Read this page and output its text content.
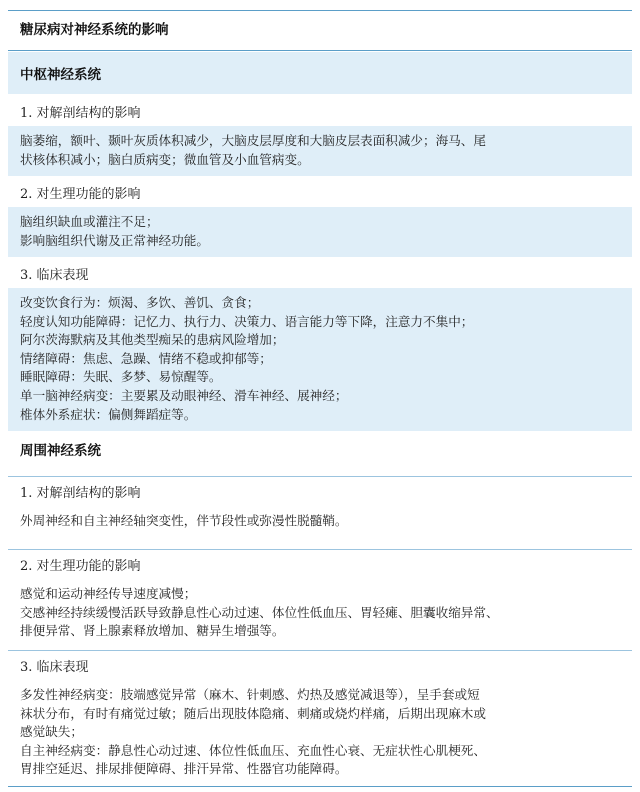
糖尿病对神经系统的影响
中枢神经系统
1. 对解剖结构的影响
脑萎缩，额叶、颞叶灰质体积减少，大脑皮层厚度和大脑皮层表面积减少；海马、尾
状核体积减小；脑白质病变；微血管及小血管病变。
2. 对生理功能的影响
脑组织缺血或灌注不足；
影响脑组织代谢及正常神经功能。
3. 临床表现
改变饮食行为：烦渴、多饮、善饥、贪食；
轻度认知功能障碍：记忆力、执行力、决策力、语言能力等下降，注意力不集中；
阿尔茨海默病及其他类型痴呆的患病风险增加；
情绪障碍：焦虑、急躁、情绪不稳或抑郁等；
睡眠障碍：失眠、多梦、易惊醒等。
单一脑神经病变：主要累及动眼神经、滑车神经、展神经；
椎体外系症状：偏侧舞蹈症等。
周围神经系统
1. 对解剖结构的影响
外周神经和自主神经轴突变性，伴节段性或弥漫性脱髓鞘。
2. 对生理功能的影响
感觉和运动神经传导速度减慢；
交感神经持续缓慢活跃导致静息性心动过速、体位性低血压、胃轻瘫、胆囊收缩异常、
排便异常、肾上腺素释放增加、糖异生增强等。
3. 临床表现
多发性神经病变：肢端感觉异常（麻木、针刺感、灼热及感觉减退等），呈手套或短
袜状分布，有时有痛觉过敏；随后出现肢体隐痛、刺痛或烧灼样痛，后期出现麻木或
感觉缺失；
自主神经病变：静息性心动过速、体位性低血压、充血性心衰、无症状性心肌梗死、
胃排空延迟、排尿排便障碍、排汗异常、性器官功能障碍。
